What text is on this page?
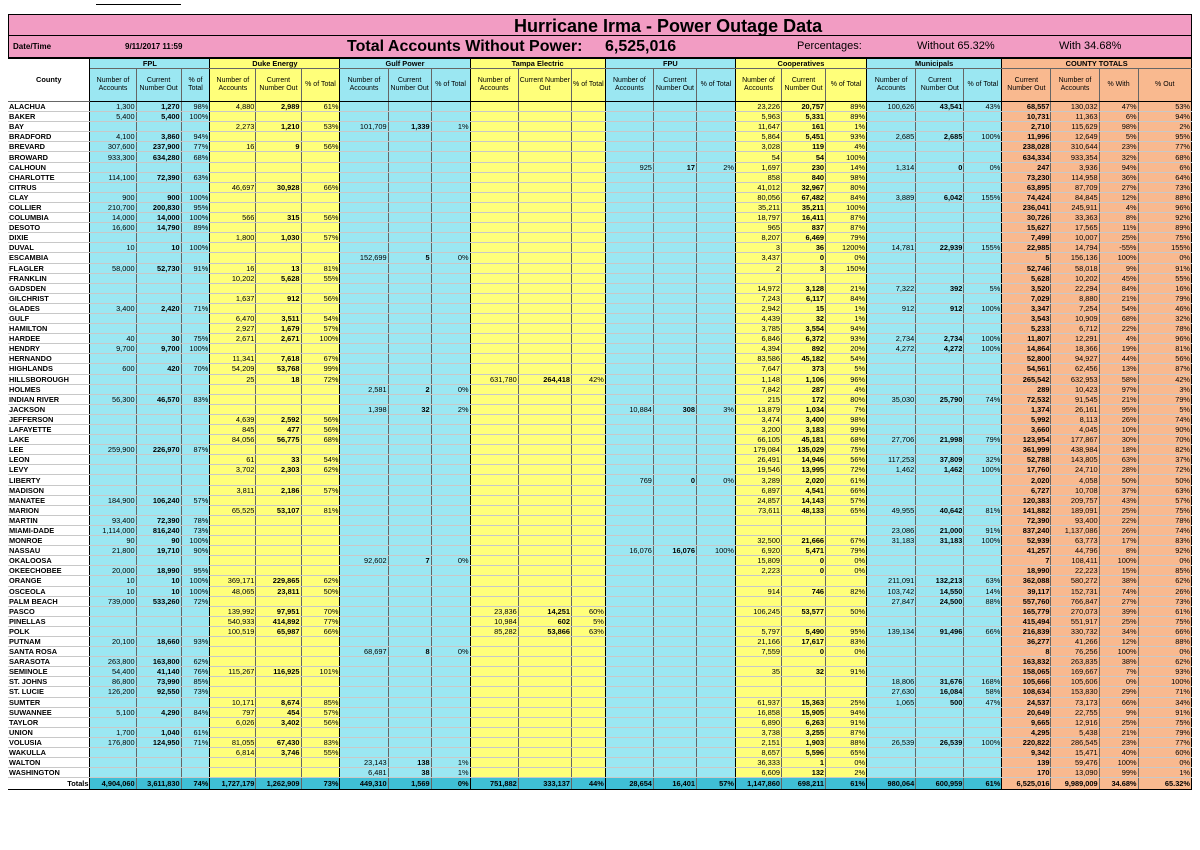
Hurricane Irma - Power Outage Data
Date/Time	9/11/2017 11:59	Total Accounts Without Power: 6,525,016	Percentages:	Without 65.32%	With 34.68%
County	FPL			Duke Energy			Gulf Power			Tampa Electric			FPU			Cooperatives			Municipals			COUNTY TOTALS			
	Number of Accounts	Current Number Out	% of Total	Number of Accounts	Current Number Out	% of Total	Number of Accounts	Current Number Out	% of Total	Number of Accounts	Current Number Out	% of Total	Number of Accounts	Current Number Out	% of Total	Number of Accounts	Current Number Out	% of Total	Number of Accounts	Current Number Out	% of Total	Current Number Out	Number of Accounts	% With	% Out
ALACHUA	1,300	1,270	98%	4,880	2,989	61%										23,226	20,757	89%	100,626	43,541	43%	68,557	130,032	47%	53%
BAKER	5,400	5,400	100%													5,963	5,331	89%				10,731	11,363	6%	94%
BAY				2,273	1,210	53%	101,709	1,339	1%							11,647	161	1%				2,710	115,629	98%	2%
BRADFORD	4,100	3,860	94%													5,864	5,451	93%	2,685	2,685	100%	11,996	12,649	5%	95%
BREVARD	307,600	237,900	77%	16	9	56%										3,028	119	4%				238,028	310,644	23%	77%
BROWARD	933,300	634,280	68%													54	54	100%				634,334	933,354	32%	68%
CALHOUN													925	17	2%	1,697	230	14%	1,314	0	0%	247	3,936	94%	6%
CHARLOTTE	114,100	72,390	63%													858	840	98%				73,230	114,958	36%	64%
CITRUS				46,697	30,928	66%										41,012	32,967	80%				63,895	87,709	27%	73%
CLAY	900	900	100%													80,056	67,482	84%	3,889	6,042	155%	74,424	84,845	12%	88%
COLLIER	210,700	200,830	95%													35,211	35,211	100%				236,041	245,911	4%	96%
COLUMBIA	14,000	14,000	100%	566	315	56%										18,797	16,411	87%				30,726	33,363	8%	92%
DESOTO	16,600	14,790	89%													965	837	87%				15,627	17,565	11%	89%
DIXIE				1,800	1,030	57%										8,207	6,469	79%				7,499	10,007	25%	75%
DUVAL	10	10	100%													3	36	1200%	14,781	22,939	155%	22,985	14,794	-55%	155%
ESCAMBIA							152,699	5	0%							3,437	0	0%				5	156,136	100%	0%
FLAGLER	58,000	52,730	91%	16	13	81%										2	3	150%				52,746	58,018	9%	91%
FRANKLIN				10,202	5,628	55%																5,628	10,202	45%	55%
GADSDEN																14,972	3,128	21%	7,322	392	5%	3,520	22,294	84%	16%
GILCHRIST				1,637	912	56%										7,243	6,117	84%				7,029	8,880	21%	79%
GLADES	3,400	2,420	71%													2,942	15	1%	912	912	100%	3,347	7,254	54%	46%
GULF				6,470	3,511	54%										4,439	32	1%				3,543	10,909	68%	32%
HAMILTON				2,927	1,679	57%										3,785	3,554	94%				5,233	6,712	22%	78%
HARDEE	40	30	75%	2,671	2,671	100%										6,846	6,372	93%	2,734	2,734	100%	11,807	12,291	4%	96%
HENDRY	9,700	9,700	100%													4,394	892	20%	4,272	4,272	100%	14,864	18,366	19%	81%
HERNANDO				11,341	7,618	67%										83,586	45,182	54%				52,800	94,927	44%	56%
HIGHLANDS	600	420	70%	54,209	53,768	99%										7,647	373	5%				54,561	62,456	13%	87%
HILLSBOROUGH				25	18	72%				631,780	264,418	42%				1,148	1,106	96%				265,542	632,953	58%	42%
HOLMES							2,581	2	0%							7,842	287	4%				289	10,423	97%	3%
INDIAN RIVER	56,300	46,570	83%													215	172	80%	35,030	25,790	74%	72,532	91,545	21%	79%
JACKSON							1,398	32	2%				10,884	308	3%	13,879	1,034	7%				1,374	26,161	95%	5%
JEFFERSON				4,639	2,592	56%										3,474	3,400	98%				5,992	8,113	26%	74%
LAFAYETTE				845	477	56%										3,200	3,183	99%				3,660	4,045	10%	90%
LAKE				84,056	56,775	68%										66,105	45,181	68%	27,706	21,998	79%	123,954	177,867	30%	70%
LEE	259,900	226,970	87%													179,084	135,029	75%				361,999	438,984	18%	82%
LEON				61	33	54%										26,491	14,946	56%	117,253	37,809	32%	52,788	143,805	63%	37%
LEVY				3,702	2,303	62%										19,546	13,995	72%	1,462	1,462	100%	17,760	24,710	28%	72%
LIBERTY													769	0	0%	3,289	2,020	61%				2,020	4,058	50%	50%
MADISON				3,811	2,186	57%										6,897	4,541	66%				6,727	10,708	37%	63%
MANATEE	184,900	106,240	57%													24,857	14,143	57%				120,383	209,757	43%	57%
MARION				65,525	53,107	81%										73,611	48,133	65%	49,955	40,642	81%	141,882	189,091	25%	75%
MARTIN	93,400	72,390	78%																			72,390	93,400	22%	78%
MIAMI-DADE	1,114,000	816,240	73%																23,086	21,000	91%	837,240	1,137,086	26%	74%
MONROE	90	90	100%													32,500	21,666	67%	31,183	31,183	100%	52,939	63,773	17%	83%
NASSAU	21,800	19,710	90%										16,076	16,076	100%	6,920	5,471	79%				41,257	44,796	8%	92%
OKALOOSA							92,602	7	0%							15,809	0	0%				7	108,411	100%	0%
OKEECHOBEE	20,000	18,990	95%													2,223	0	0%				18,990	22,223	15%	85%
ORANGE	10	10	100%	369,171	229,865	62%													211,091	132,213	63%	362,088	580,272	38%	62%
OSCEOLA	10	10	100%	48,065	23,811	50%										914	746	82%	103,742	14,550	14%	39,117	152,731	74%	26%
PALM BEACH	739,000	533,260	72%																27,847	24,500	88%	557,760	766,847	27%	73%
PASCO				139,992	97,951	70%				23,836	14,251	60%				106,245	53,577	50%				165,779	270,073	39%	61%
PINELLAS				540,933	414,892	77%				10,984	602	5%										415,494	551,917	25%	75%
POLK				100,519	65,987	66%				85,282	53,866	63%				5,797	5,490	95%	139,134	91,496	66%	216,839	330,732	34%	66%
PUTNAM	20,100	18,660	93%													21,166	17,617	83%				36,277	41,266	12%	88%
SANTA ROSA							68,697	8	0%							7,559	0	0%				8	76,256	100%	0%
SARASOTA	263,800	163,800	62%																			163,832	263,835	38%	62%
SEMINOLE	54,400	41,140	76%	115,267	116,925	101%										35	32	91%				158,065	169,667	7%	93%
ST. JOHNS	86,800	73,990	85%																18,806	31,676	168%	105,666	105,606	0%	100%
ST. LUCIE	126,200	92,550	73%																27,630	16,084	58%	108,634	153,830	29%	71%
SUMTER				10,171	8,674	85%										61,937	15,363	25%	1,065	500	47%	24,537	73,173	66%	34%
SUWANNEE	5,100	4,290	84%	797	454	57%										16,858	15,905	94%				20,649	22,755	9%	91%
TAYLOR				6,026	3,402	56%										6,890	6,263	91%				9,665	12,916	25%	75%
UNION	1,700	1,040	61%													3,738	3,255	87%				4,295	5,438	21%	79%
VOLUSIA	176,800	124,950	71%	81,055	67,430	83%										2,151	1,903	88%	26,539	26,539	100%	220,822	286,545	23%	77%
WAKULLA				6,814	3,746	55%										8,657	5,596	65%				9,342	15,471	40%	60%
WALTON							23,143	138	1%							36,333	1	0%				139	59,476	100%	0%
WASHINGTON							6,481	38	1%							6,609	132	2%				170	13,090	99%	1%
Totals	4,904,060	3,611,830	74%	1,727,179	1,262,909	73%	449,310	1,569	0%	751,882	333,137	44%	28,654	16,401	57%	1,147,860	698,211	61%	980,064	600,959	61%	6,525,016	9,989,009	34.68%	65.32%
